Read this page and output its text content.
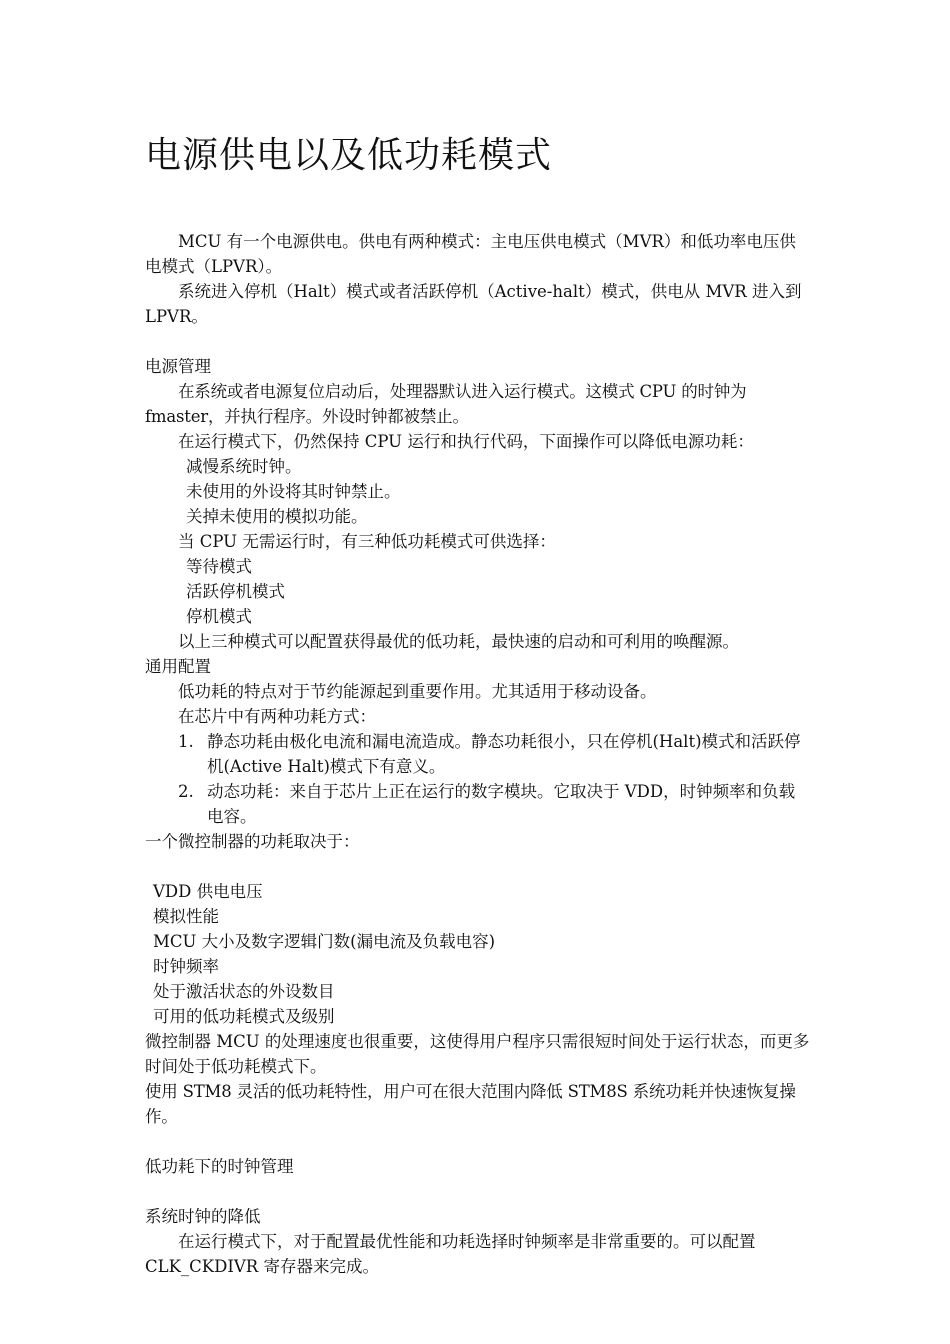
电源供电以及低功耗模式

MCU 有一个电源供电。供电有两种模式：主电压供电模式（MVR）和低功率电压供电模式（LPVR）。

系统进入停机（Halt）模式或者活跃停机（Active-halt）模式，供电从 MVR 进入到 LPVR。

电源管理

在系统或者电源复位启动后，处理器默认进入运行模式。这模式 CPU 的时钟为 fmaster，并执行程序。外设时钟都被禁止。

在运行模式下，仍然保持 CPU 运行和执行代码，下面操作可以降低电源功耗：

减慢系统时钟。

未使用的外设将其时钟禁止。

关掉未使用的模拟功能。

当 CPU 无需运行时，有三种低功耗模式可供选择：

等待模式

活跃停机模式

停机模式

以上三种模式可以配置获得最优的低功耗，最快速的启动和可利用的唤醒源。

通用配置

低功耗的特点对于节约能源起到重要作用。尤其适用于移动设备。

在芯片中有两种功耗方式：

1. 静态功耗由极化电流和漏电流造成。静态功耗很小，只在停机(Halt)模式和活跃停机(Active Halt)模式下有意义。
2. 动态功耗：来自于芯片上正在运行的数字模块。它取决于 VDD，时钟频率和负载电容。

一个微控制器的功耗取决于：

VDD 供电电压

模拟性能

MCU 大小及数字逻辑门数(漏电流及负载电容)

时钟频率

处于激活状态的外设数目

可用的低功耗模式及级别

微控制器 MCU 的处理速度也很重要，这使得用户程序只需很短时间处于运行状态，而更多时间处于低功耗模式下。

使用 STM8 灵活的低功耗特性，用户可在很大范围内降低 STM8S 系统功耗并快速恢复操作。

低功耗下的时钟管理

系统时钟的降低

在运行模式下，对于配置最优性能和功耗选择时钟频率是非常重要的。可以配置 CLK_CKDIVR 寄存器来完成。
